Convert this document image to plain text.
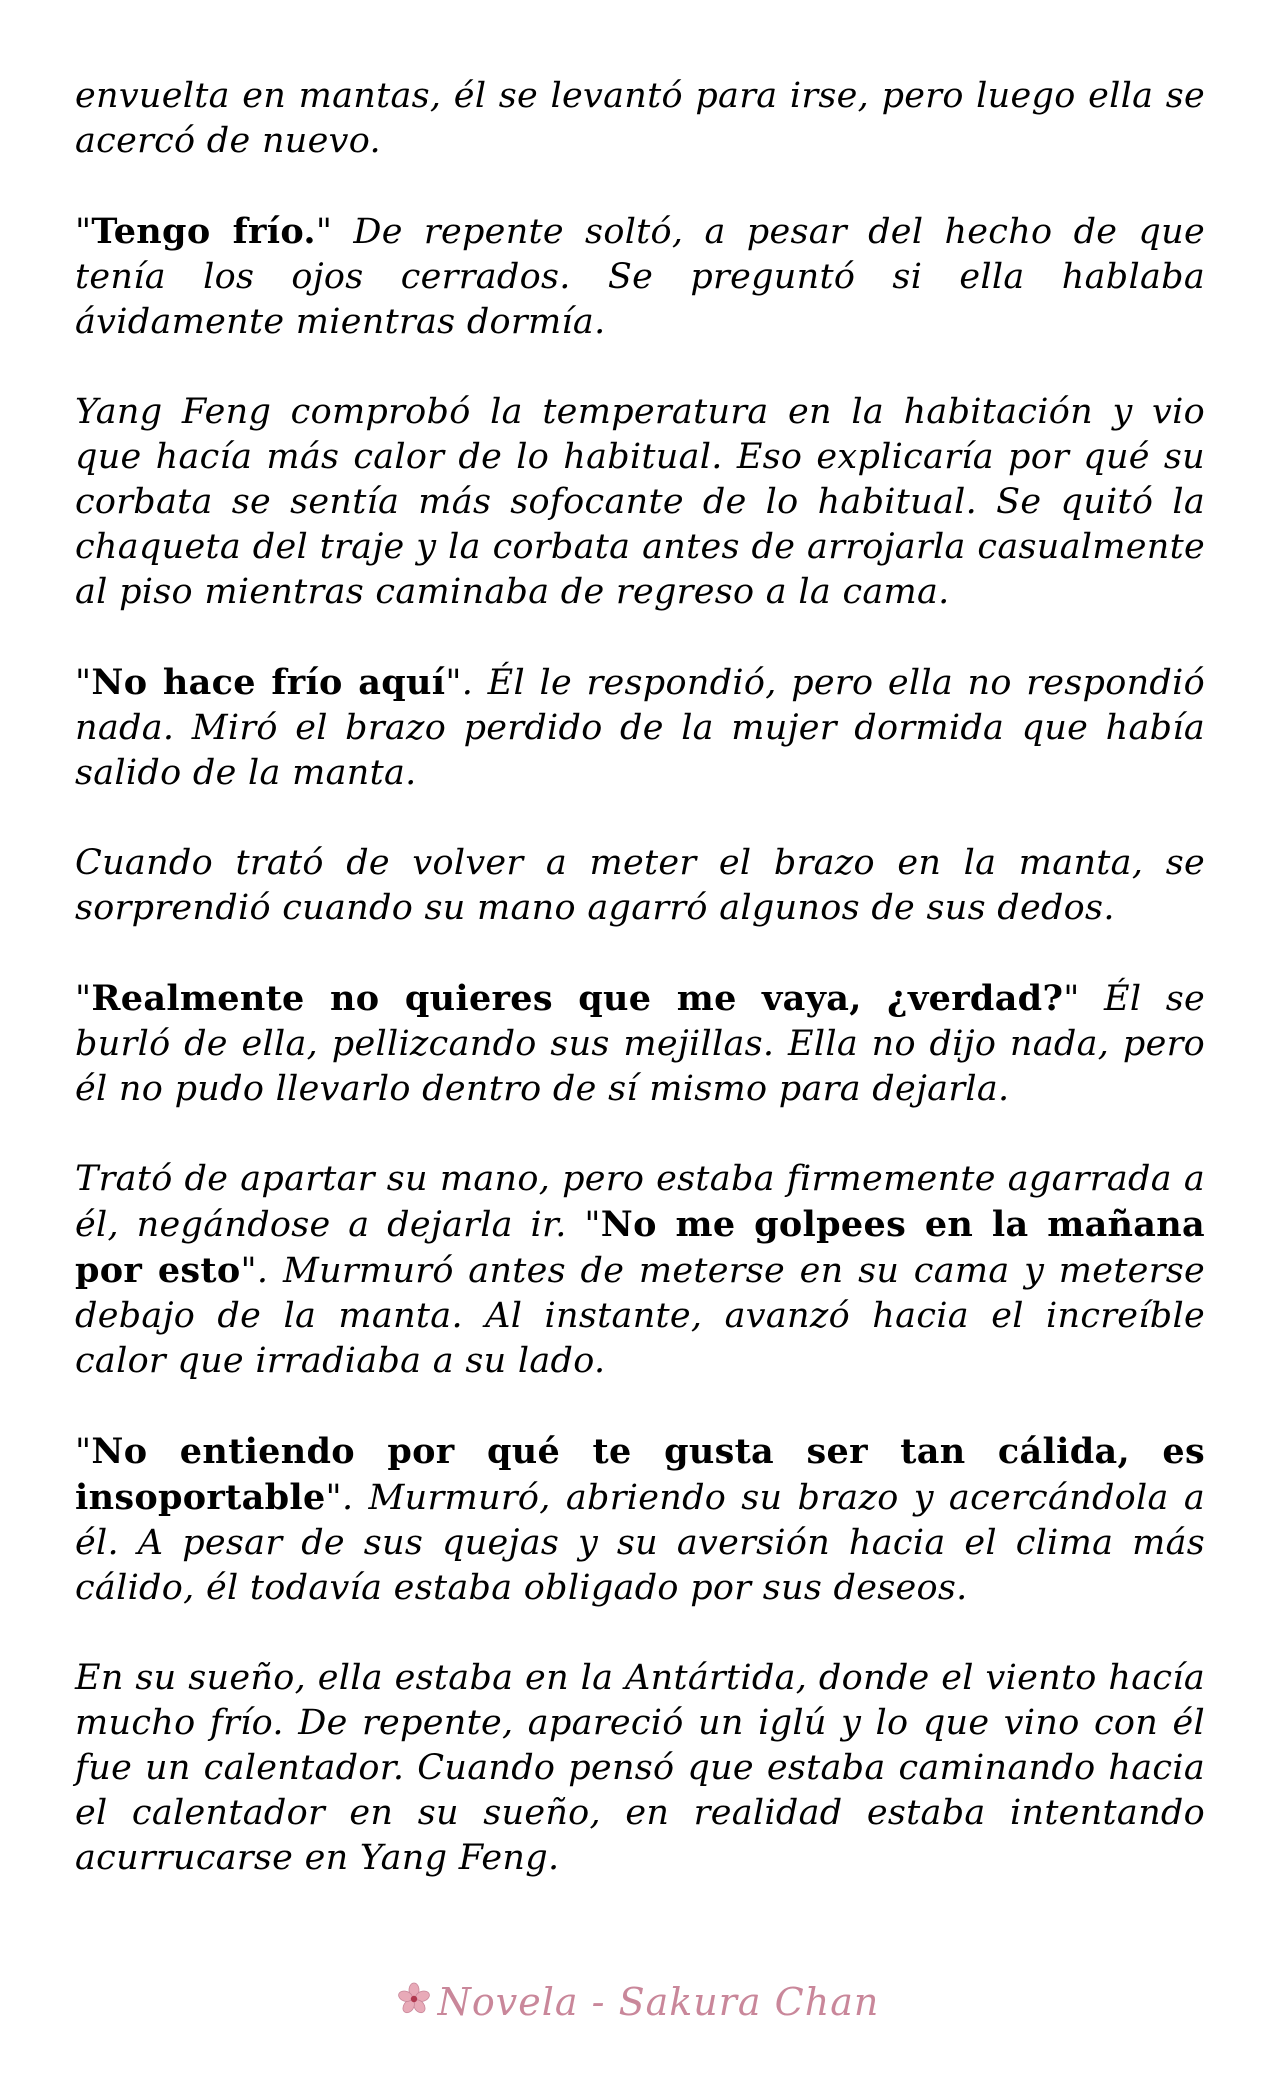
envuelta en mantas, él se levantó para irse, pero luego ella se acercó de nuevo.

"Tengo frío." De repente soltó, a pesar del hecho de que tenía los ojos cerrados. Se preguntó si ella hablaba ávidamente mientras dormía.

Yang Feng comprobó la temperatura en la habitación y vio que hacía más calor de lo habitual. Eso explicaría por qué su corbata se sentía más sofocante de lo habitual. Se quitó la chaqueta del traje y la corbata antes de arrojarla casualmente al piso mientras caminaba de regreso a la cama.

"No hace frío aquí". Él le respondió, pero ella no respondió nada. Miró el brazo perdido de la mujer dormida que había salido de la manta.

Cuando trató de volver a meter el brazo en la manta, se sorprendió cuando su mano agarró algunos de sus dedos.

"Realmente no quieres que me vaya, ¿verdad?" Él se burló de ella, pellizcando sus mejillas. Ella no dijo nada, pero él no pudo llevarlo dentro de sí mismo para dejarla.

Trató de apartar su mano, pero estaba firmemente agarrada a él, negándose a dejarla ir. "No me golpees en la mañana por esto". Murmuró antes de meterse en su cama y meterse debajo de la manta. Al instante, avanzó hacia el increíble calor que irradiaba a su lado.

"No entiendo por qué te gusta ser tan cálida, es insoportable". Murmuró, abriendo su brazo y acercándola a él. A pesar de sus quejas y su aversión hacia el clima más cálido, él todavía estaba obligado por sus deseos.

En su sueño, ella estaba en la Antártida, donde el viento hacía mucho frío. De repente, apareció un iglú y lo que vino con él fue un calentador. Cuando pensó que estaba caminando hacia el calentador en su sueño, en realidad estaba intentando acurrucarse en Yang Feng.

Novela - Sakura Chan
